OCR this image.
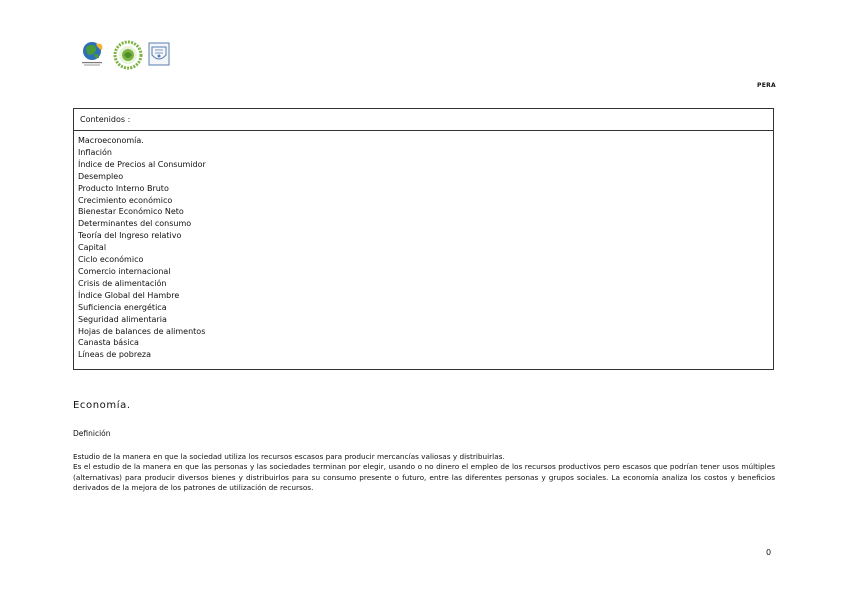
PERA
Contenidos :
Macroeconomía.
Inflación
Índice de Precios al Consumidor
Desempleo
Producto Interno Bruto
Crecimiento económico
Bienestar Económico Neto
Determinantes del consumo
Teoría del Ingreso relativo
Capital
Ciclo económico
Comercio internacional
Crisis de alimentación
Índice Global del Hambre
Suficiencia energética
Seguridad alimentaria
Hojas de balances de alimentos
Canasta básica
Líneas de pobreza
Economía.
Definición

Estudio de la manera en que la sociedad utiliza los recursos escasos para producir mercancías valiosas y distribuirlas.

Es el estudio de la manera en que las personas y las sociedades terminan por elegir, usando o no dinero el empleo de los recursos productivos pero escasos que podrían tener usos múltiples (alternativas) para producir diversos bienes y distribuirlos para su consumo presente o futuro, entre las diferentes personas y grupos sociales. La economía analiza los costos y beneficios derivados de la mejora de los patrones de utilización de recursos.

0
